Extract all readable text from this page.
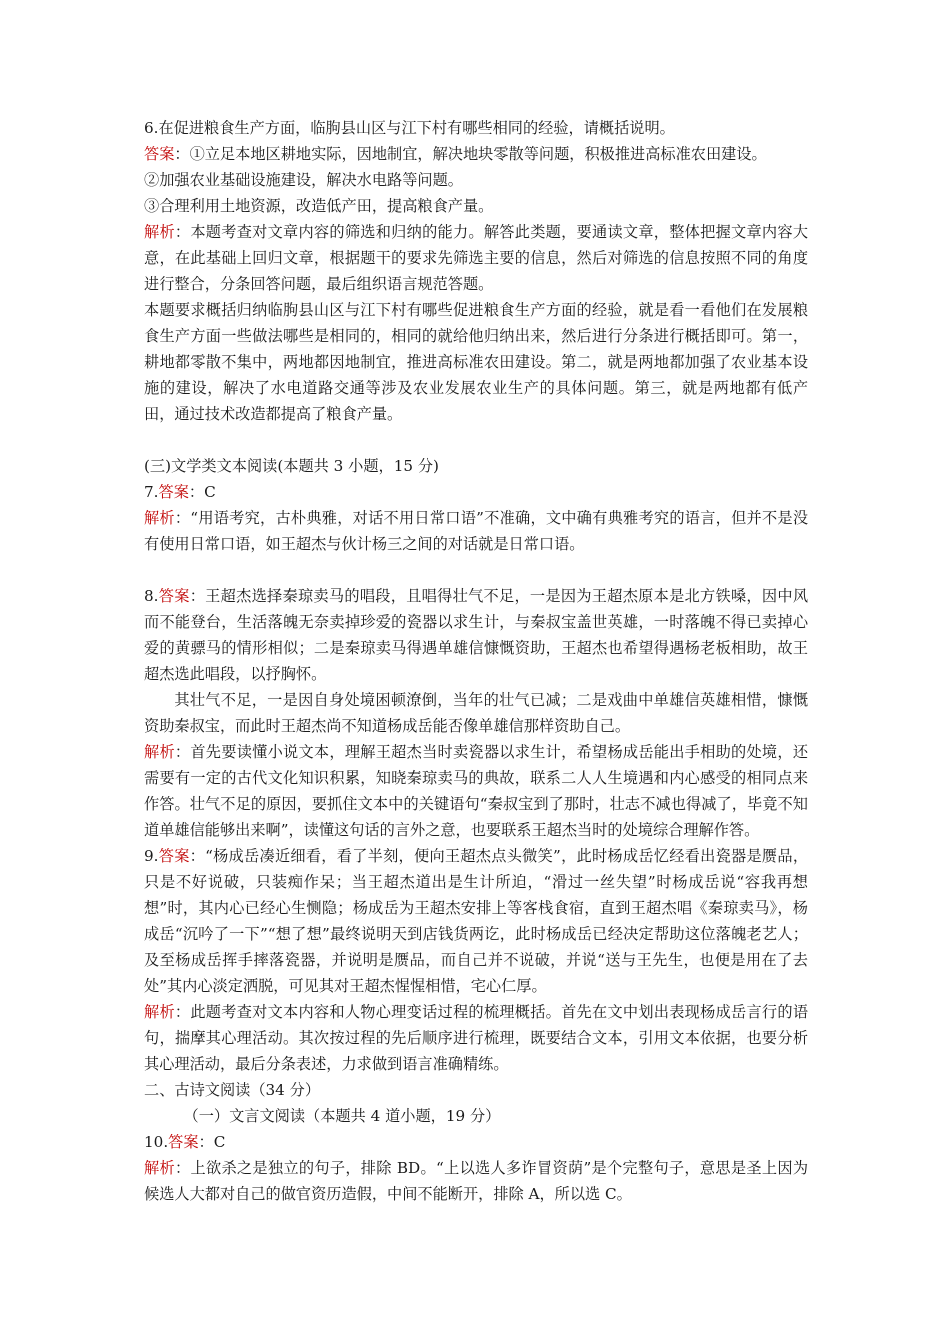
6.在促进粮食生产方面，临朐县山区与江下村有哪些相同的经验，请概括说明。

答案：①立足本地区耕地实际，因地制宜，解决地块零散等问题，积极推进高标准农田建设。

②加强农业基础设施建设，解决水电路等问题。

③合理利用土地资源，改造低产田，提高粮食产量。

解析：本题考查对文章内容的筛选和归纳的能力。解答此类题，要通读文章，整体把握文章内容大意，在此基础上回归文章，根据题干的要求先筛选主要的信息，然后对筛选的信息按照不同的角度进行整合，分条回答问题，最后组织语言规范答题。

本题要求概括归纳临朐县山区与江下村有哪些促进粮食生产方面的经验，就是看一看他们在发展粮食生产方面一些做法哪些是相同的，相同的就给他归纳出来，然后进行分条进行概括即可。第一，耕地都零散不集中，两地都因地制宜，推进高标准农田建设。第二，就是两地都加强了农业基本设施的建设，解决了水电道路交通等涉及农业发展农业生产的具体问题。第三，就是两地都有低产田，通过技术改造都提高了粮食产量。

(三)文学类文本阅读(本题共 3 小题，15 分)

7.答案：C

解析：“用语考究，古朴典雅，对话不用日常口语”不准确，文中确有典雅考究的语言，但并不是没有使用日常口语，如王超杰与伙计杨三之间的对话就是日常口语。

8.答案：王超杰选择秦琼卖马的唱段，且唱得壮气不足，一是因为王超杰原本是北方铁嗓，因中风而不能登台，生活落魄无奈卖掉珍爱的瓷器以求生计，与秦叔宝盖世英雄，一时落魄不得已卖掉心爱的黄骠马的情形相似；二是秦琼卖马得遇单雄信慷慨资助，王超杰也希望得遇杨老板相助，故王超杰选此唱段，以抒胸怀。

其壮气不足，一是因自身处境困顿潦倒，当年的壮气已减；二是戏曲中单雄信英雄相惜，慷慨资助秦叔宝，而此时王超杰尚不知道杨成岳能否像单雄信那样资助自己。

解析：首先要读懂小说文本，理解王超杰当时卖瓷器以求生计，希望杨成岳能出手相助的处境，还需要有一定的古代文化知识积累，知晓秦琼卖马的典故，联系二人人生境遇和内心感受的相同点来作答。壮气不足的原因，要抓住文本中的关键语句“秦叔宝到了那时，壮志不减也得减了，毕竟不知道单雄信能够出来啊”，读懂这句话的言外之意，也要联系王超杰当时的处境综合理解作答。

9.答案：“杨成岳凑近细看，看了半刻，便向王超杰点头微笑”，此时杨成岳忆经看出瓷器是赝品，只是不好说破，只装痴作呆；当王超杰道出是生计所迫，“滑过一丝失望”时杨成岳说“容我再想想”时，其内心已经心生恻隐；杨成岳为王超杰安排上等客栈食宿，直到王超杰唱《秦琼卖马》，杨成岳“沉吟了一下”“想了想”最终说明天到店钱货两讫，此时杨成岳已经决定帮助这位落魄老艺人；及至杨成岳挥手摔落瓷器，并说明是赝品，而自己并不说破，并说“送与王先生，也便是用在了去处”其内心淡定洒脱，可见其对王超杰惺惺相惜，宅心仁厚。

解析：此题考查对文本内容和人物心理变话过程的梳理概括。首先在文中划出表现杨成岳言行的语句，揣摩其心理活动。其次按过程的先后顺序进行梳理，既要结合文本，引用文本依据，也要分析其心理活动，最后分条表述，力求做到语言准确精练。

二、古诗文阅读（34 分）

（一）文言文阅读（本题共 4 道小题，19 分）

10.答案：C

解析：上欲杀之是独立的句子，排除 BD。“上以选人多诈冒资荫”是个完整句子，意思是圣上因为候选人大都对自己的做官资历造假，中间不能断开，排除 A，所以选 C。
